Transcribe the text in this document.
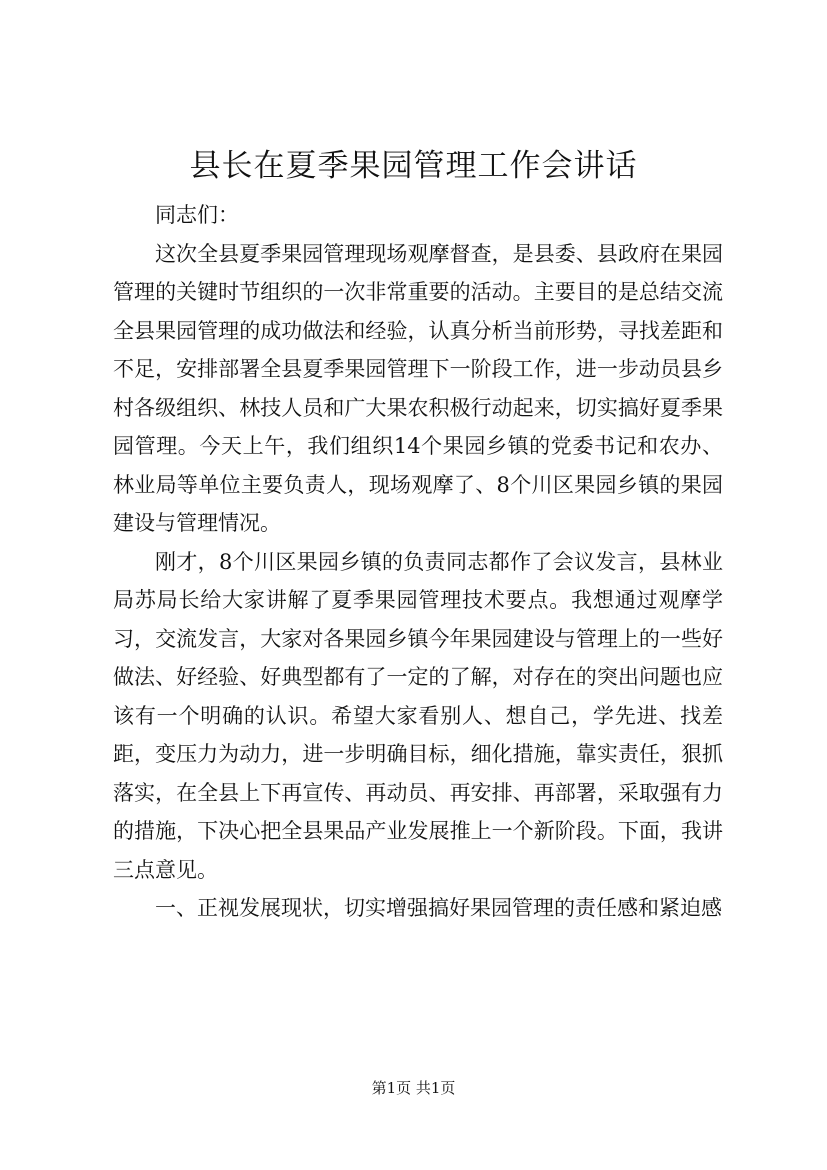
县长在夏季果园管理工作会讲话

同志们：

这次全县夏季果园管理现场观摩督查，是县委、县政府在果园管理的关键时节组织的一次非常重要的活动。主要目的是总结交流全县果园管理的成功做法和经验，认真分析当前形势，寻找差距和不足，安排部署全县夏季果园管理下一阶段工作，进一步动员县乡村各级组织、林技人员和广大果农积极行动起来，切实搞好夏季果园管理。今天上午，我们组织14个果园乡镇的党委书记和农办、林业局等单位主要负责人，现场观摩了、8个川区果园乡镇的果园建设与管理情况。

刚才，8个川区果园乡镇的负责同志都作了会议发言，县林业局苏局长给大家讲解了夏季果园管理技术要点。我想通过观摩学习，交流发言，大家对各果园乡镇今年果园建设与管理上的一些好做法、好经验、好典型都有了一定的了解，对存在的突出问题也应该有一个明确的认识。希望大家看别人、想自己，学先进、找差距，变压力为动力，进一步明确目标，细化措施，靠实责任，狠抓落实，在全县上下再宣传、再动员、再安排、再部署，采取强有力的措施，下决心把全县果品产业发展推上一个新阶段。下面，我讲三点意见。

一、正视发展现状，切实增强搞好果园管理的责任感和紧迫感

第1页 共1页
